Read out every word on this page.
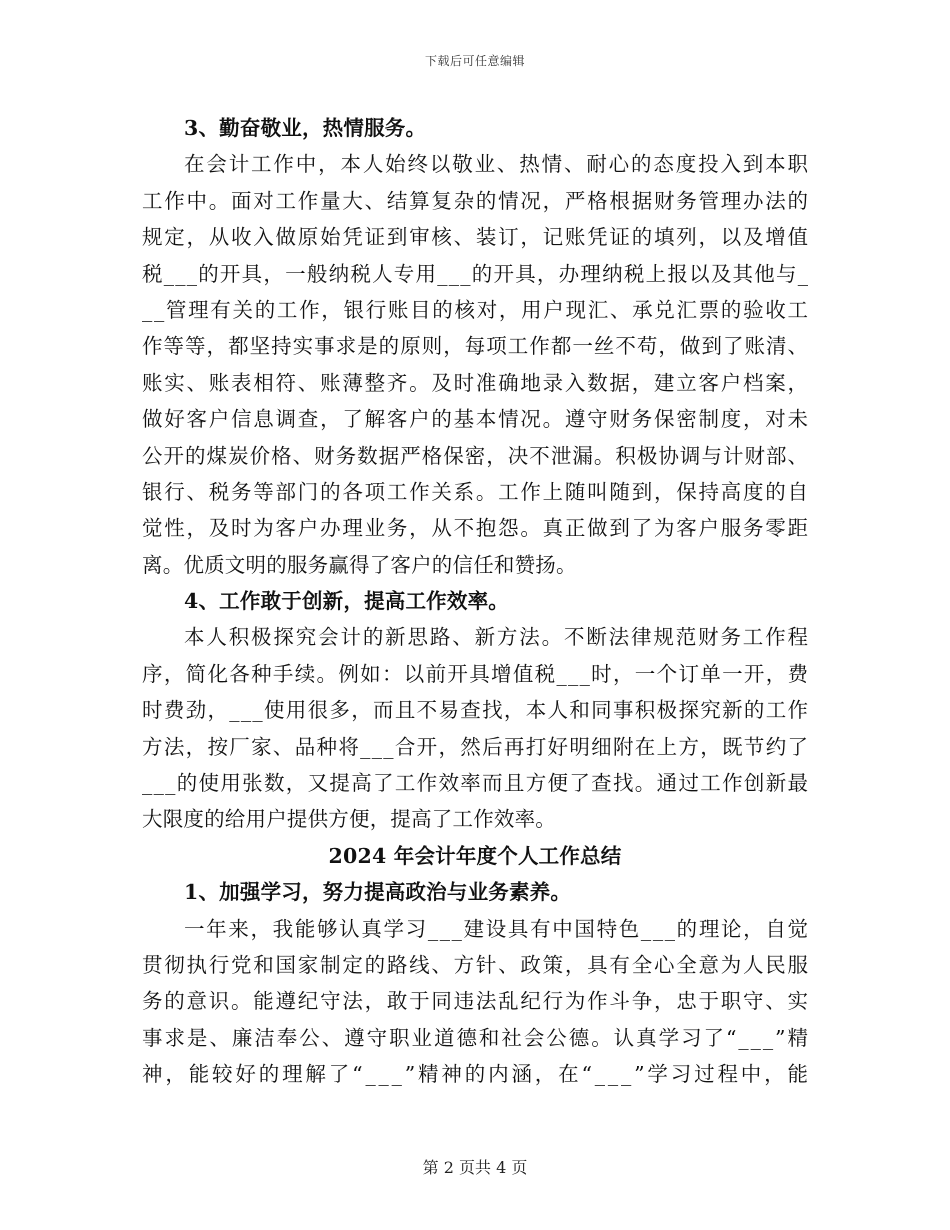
下载后可任意编辑
3、勤奋敬业，热情服务。
在会计工作中，本人始终以敬业、热情、耐心的态度投入到本职
工作中。面对工作量大、结算复杂的情况，严格根据财务管理办法的
规定，从收入做原始凭证到审核、装订，记账凭证的填列，以及增值
税___的开具，一般纳税人专用___的开具，办理纳税上报以及其他与_
__管理有关的工作，银行账目的核对，用户现汇、承兑汇票的验收工
作等等，都坚持实事求是的原则，每项工作都一丝不苟，做到了账清、
账实、账表相符、账薄整齐。及时准确地录入数据，建立客户档案，
做好客户信息调查，了解客户的基本情况。遵守财务保密制度，对未
公开的煤炭价格、财务数据严格保密，决不泄漏。积极协调与计财部、
银行、税务等部门的各项工作关系。工作上随叫随到，保持高度的自
觉性，及时为客户办理业务，从不抱怨。真正做到了为客户服务零距
离。优质文明的服务赢得了客户的信任和赞扬。
4、工作敢于创新，提高工作效率。
本人积极探究会计的新思路、新方法。不断法律规范财务工作程
序，简化各种手续。例如：以前开具增值税___时，一个订单一开，费
时费劲，___使用很多，而且不易查找，本人和同事积极探究新的工作
方法，按厂家、品种将___合开，然后再打好明细附在上方，既节约了
___的使用张数，又提高了工作效率而且方便了查找。通过工作创新最
大限度的给用户提供方便，提高了工作效率。
2024 年会计年度个人工作总结
1、加强学习，努力提高政治与业务素养。
一年来，我能够认真学习___建设具有中国特色___的理论，自觉
贯彻执行党和国家制定的路线、方针、政策，具有全心全意为人民服
务的意识。能遵纪守法，敢于同违法乱纪行为作斗争，忠于职守、实
事求是、廉洁奉公、遵守职业道德和社会公德。认真学习了“___”精
神，能较好的理解了“___”精神的内涵，在“___”学习过程中，能
第 2 页共 4 页
